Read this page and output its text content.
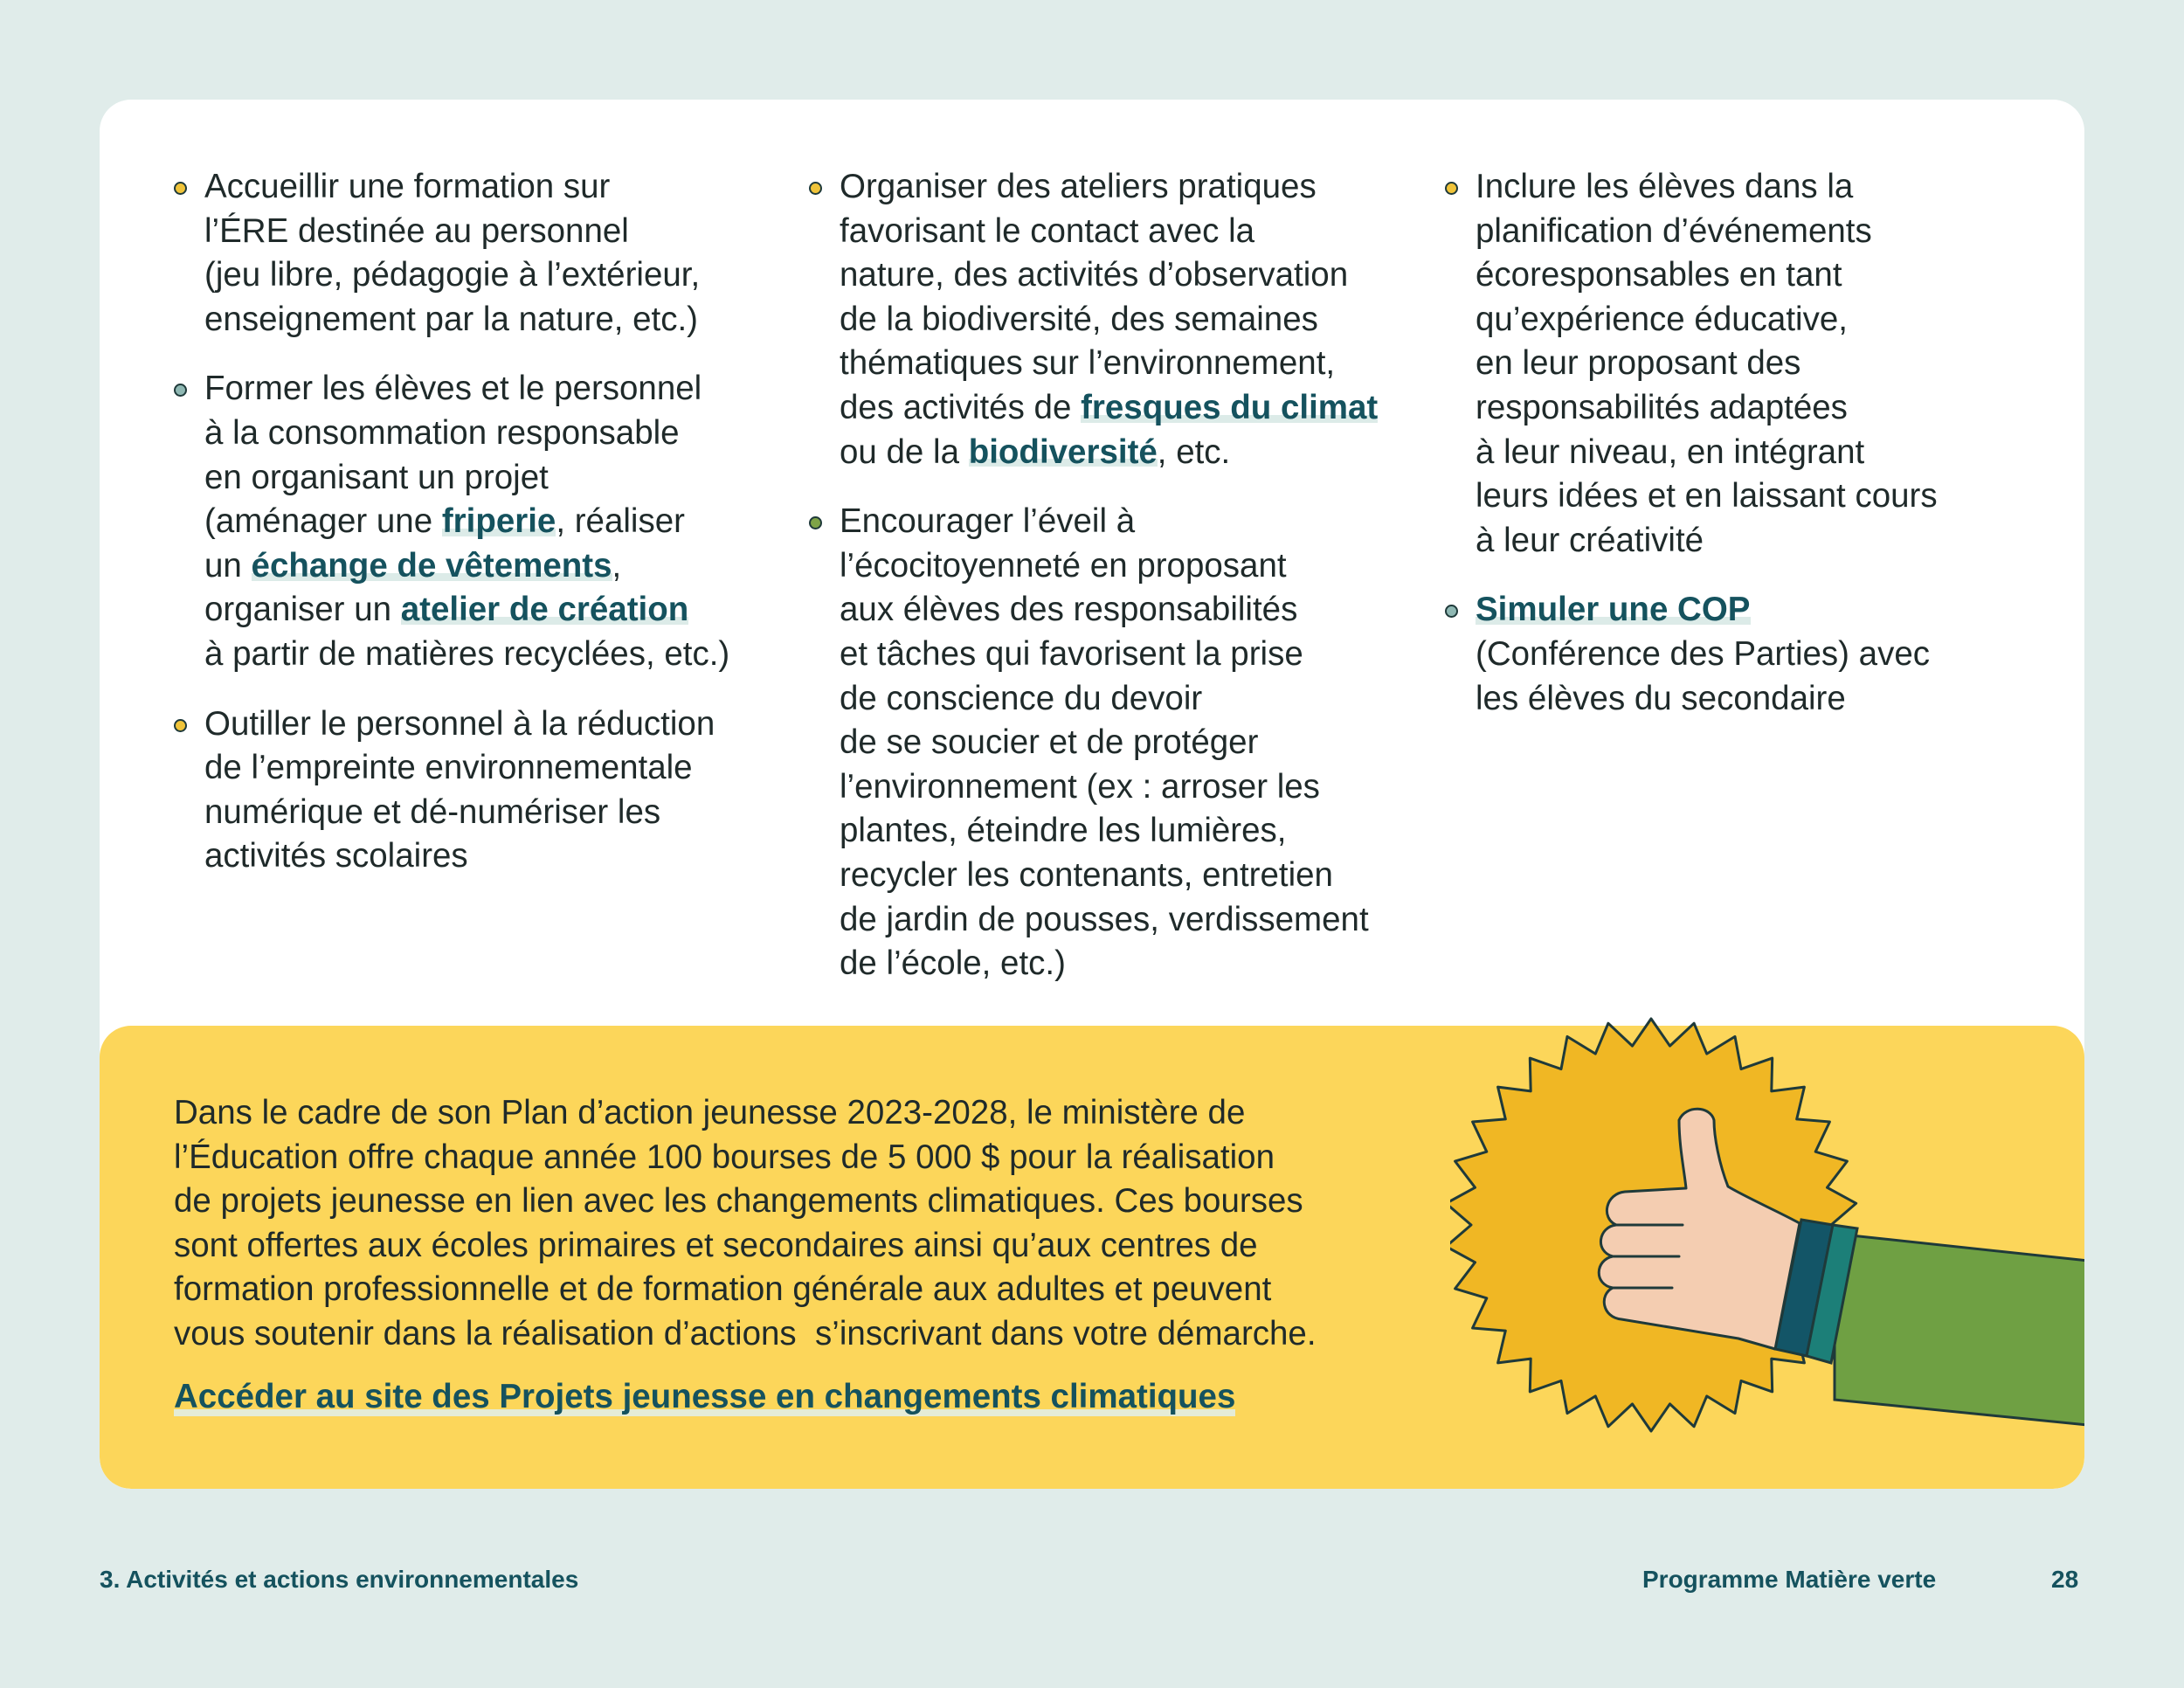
Accueillir une formation sur
l’ÉRE destinée au personnel
(jeu libre, pédagogie à l’extérieur,
enseignement par la nature, etc.)
Former les élèves et le personnel
à la consommation responsable
en organisant un projet
(aménager une friperie, réaliser
un échange de vêtements,
organiser un atelier de création
à partir de matières recyclées, etc.)
Outiller le personnel à la réduction
de l’empreinte environnementale
numérique et dé-numériser les
activités scolaires
Organiser des ateliers pratiques
favorisant le contact avec la
nature, des activités d’observation
de la biodiversité, des semaines
thématiques sur l’environnement,
des activités de fresques du climat
ou de la biodiversité, etc.
Encourager l’éveil à
l’écocitoyenneté en proposant
aux élèves des responsabilités
et tâches qui favorisent la prise
de conscience du devoir
de se soucier et de protéger
l’environnement (ex : arroser les
plantes, éteindre les lumières,
recycler les contenants, entretien
de jardin de pousses, verdissement
de l’école, etc.)
Inclure les élèves dans la
planification d’événements
écoresponsables en tant
qu’expérience éducative,
en leur proposant des
responsabilités adaptées
à leur niveau, en intégrant
leurs idées et en laissant cours
à leur créativité
Simuler une COP
(Conférence des Parties) avec
les élèves du secondaire
Dans le cadre de son Plan d’action jeunesse 2023-2028, le ministère de
l’Éducation offre chaque année 100 bourses de 5 000 $ pour la réalisation
de projets jeunesse en lien avec les changements climatiques. Ces bourses
sont offertes aux écoles primaires et secondaires ainsi qu’aux centres de
formation professionnelle et de formation générale aux adultes et peuvent
vous soutenir dans la réalisation d’actions  s’inscrivant dans votre démarche.

Accéder au site des Projets jeunesse en changements climatiques
3. Activités et actions environnementales	Programme Matière verte	28
